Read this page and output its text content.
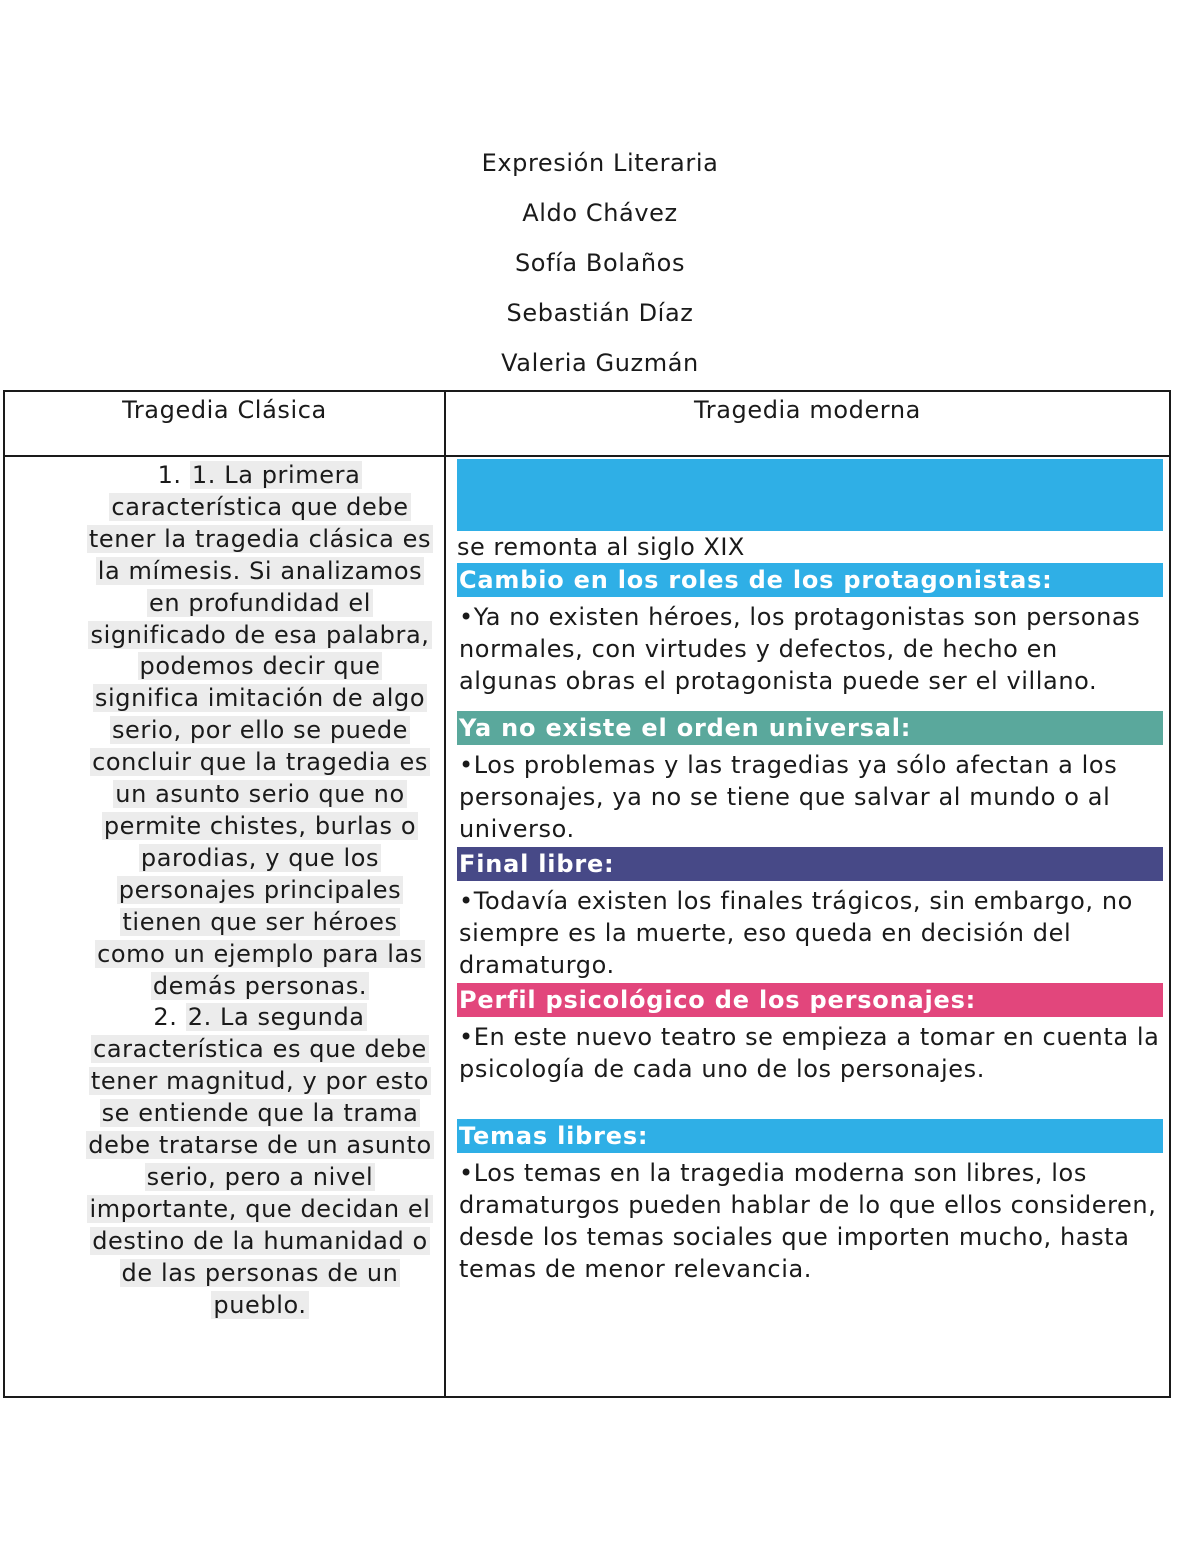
Expresión Literaria
Aldo Chávez
Sofía Bolaños
Sebastián Díaz
Valeria Guzmán
Tragedia Clásica	Tragedia moderna
1. 1. La primera característica que debe tener la tragedia clásica es la mímesis. Si analizamos en profundidad el significado de esa palabra, podemos decir que significa imitación de algo serio, por ello se puede concluir que la tragedia es un asunto serio que no permite chistes, burlas o parodias, y que los personajes principales tienen que ser héroes como un ejemplo para las demás personas.
2. 2. La segunda característica es que debe tener magnitud, y por esto se entiende que la trama debe tratarse de un asunto serio, pero a nivel importante, que decidan el destino de la humanidad o de las personas de un pueblo.
se remonta al siglo XIX
Cambio en los roles de los protagonistas:
•Ya no existen héroes, los protagonistas son personas normales, con virtudes y defectos, de hecho en algunas obras el protagonista puede ser el villano.
Ya no existe el orden universal:
•Los problemas y las tragedias ya sólo afectan a los personajes, ya no se tiene que salvar al mundo o al universo.
Final libre:
•Todavía existen los finales trágicos, sin embargo, no siempre es la muerte, eso queda en decisión del dramaturgo.
Perfil psicológico de los personajes:
•En este nuevo teatro se empieza a tomar en cuenta la psicología de cada uno de los personajes.
Temas libres:
•Los temas en la tragedia moderna son libres, los dramaturgos pueden hablar de lo que ellos consideren, desde los temas sociales que importen mucho, hasta temas de menor relevancia.
